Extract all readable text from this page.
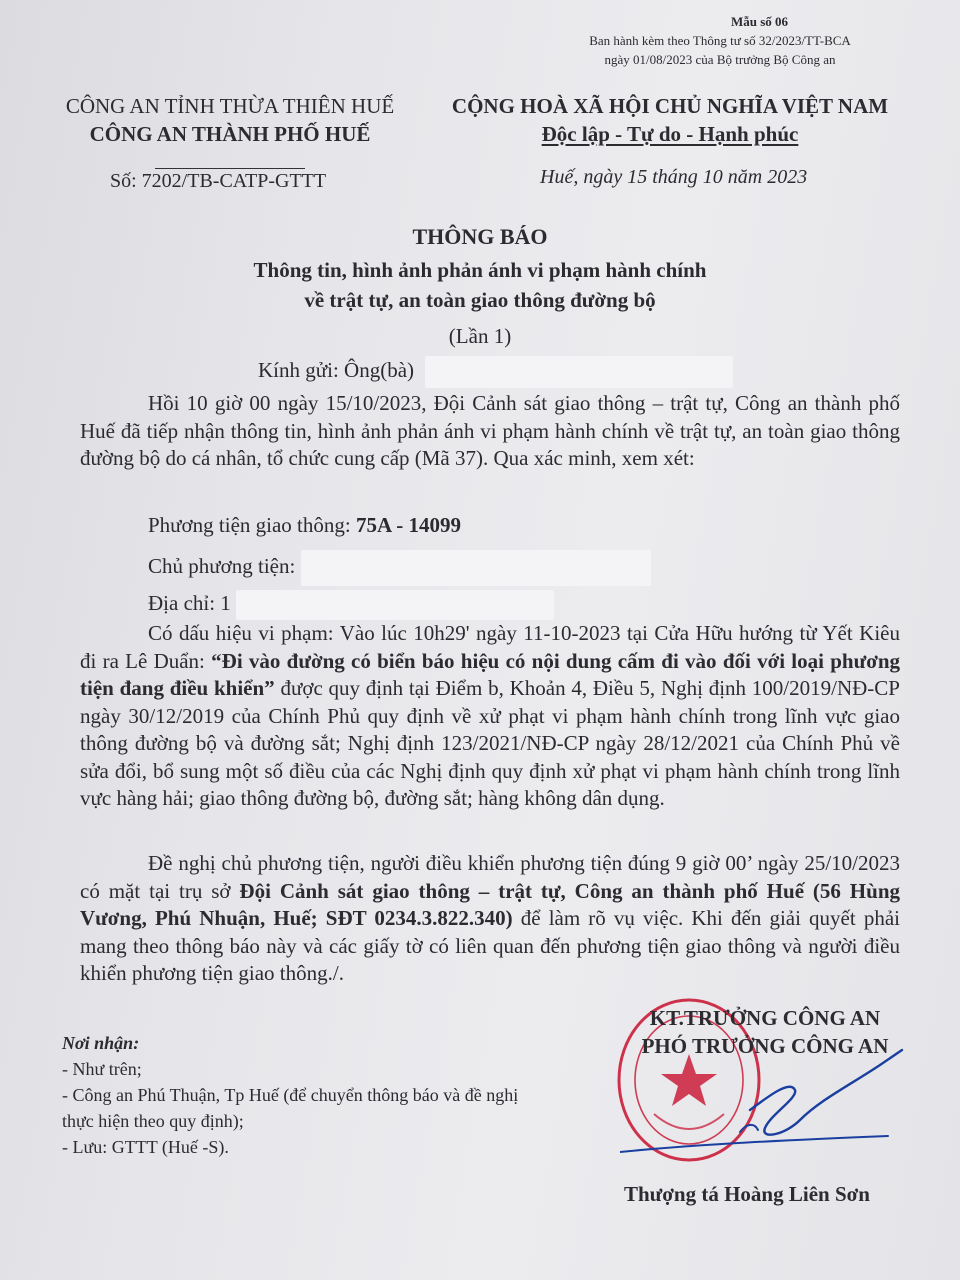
Mẫu số 06
Ban hành kèm theo Thông tư số 32/2023/TT-BCA
ngày 01/08/2023 của Bộ trưởng Bộ Công an
CÔNG AN TỈNH THỪA THIÊN HUẾ
CÔNG AN THÀNH PHỐ HUẾ
CỘNG HOÀ XÃ HỘI CHỦ NGHĨA VIỆT NAM
Độc lập - Tự do - Hạnh phúc
Số: 7202/TB-CATP-GTTT	Huế, ngày 15 tháng 10 năm 2023
THÔNG BÁO
Thông tin, hình ảnh phản ánh vi phạm hành chính
về trật tự, an toàn giao thông đường bộ
(Lần 1)
Kính gửi: Ông(bà)
Hồi 10 giờ 00 ngày 15/10/2023, Đội Cảnh sát giao thông – trật tự, Công an thành phố Huế đã tiếp nhận thông tin, hình ảnh phản ánh vi phạm hành chính về trật tự, an toàn giao thông đường bộ do cá nhân, tổ chức cung cấp (Mã 37). Qua xác minh, xem xét:
Phương tiện giao thông: 75A - 14099
Chủ phương tiện:
Địa chỉ: 1
Có dấu hiệu vi phạm: Vào lúc 10h29' ngày 11-10-2023 tại Cửa Hữu hướng từ Yết Kiêu đi ra Lê Duẩn: “Đi vào đường có biển báo hiệu có nội dung cấm đi vào đối với loại phương tiện đang điều khiển” được quy định tại Điểm b, Khoản 4, Điều 5, Nghị định 100/2019/NĐ-CP ngày 30/12/2019 của Chính Phủ quy định về xử phạt vi phạm hành chính trong lĩnh vực giao thông đường bộ và đường sắt; Nghị định 123/2021/NĐ-CP ngày 28/12/2021 của Chính Phủ về sửa đổi, bổ sung một số điều của các Nghị định quy định xử phạt vi phạm hành chính trong lĩnh vực hàng hải; giao thông đường bộ, đường sắt; hàng không dân dụng.
Đề nghị chủ phương tiện, người điều khiển phương tiện đúng 9 giờ 00’ ngày 25/10/2023 có mặt tại trụ sở Đội Cảnh sát giao thông – trật tự, Công an thành phố Huế (56 Hùng Vương, Phú Nhuận, Huế; SĐT 0234.3.822.340) để làm rõ vụ việc. Khi đến giải quyết phải mang theo thông báo này và các giấy tờ có liên quan đến phương tiện giao thông và người điều khiển phương tiện giao thông./.
Nơi nhận:
- Như trên;
- Công an Phú Thuận, Tp Huế (để chuyển thông báo và đề nghị thực hiện theo quy định);
- Lưu: GTTT (Huế -S).
KT.TRƯỞNG CÔNG AN
PHÓ TRƯỞNG CÔNG AN
Thượng tá Hoàng Liên Sơn
